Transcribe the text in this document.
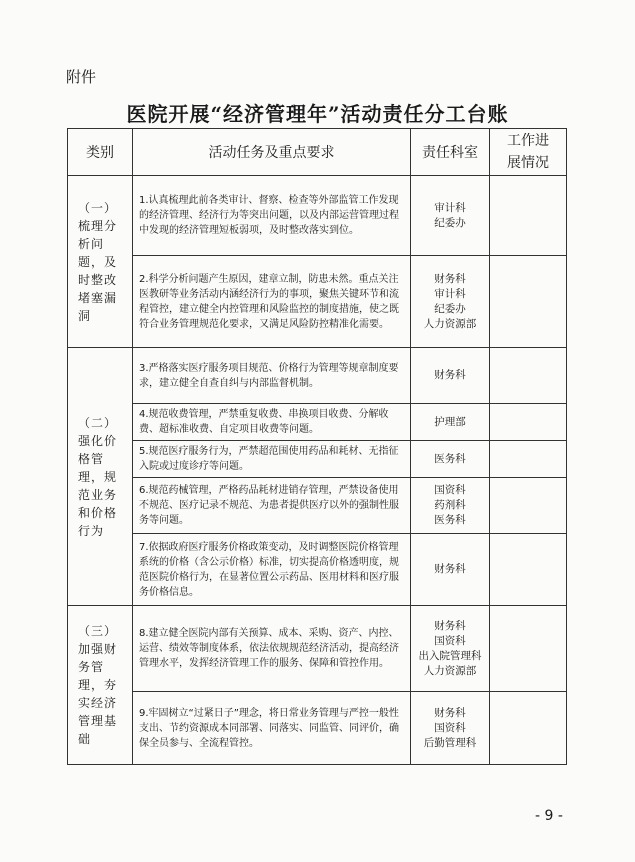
附件
医院开展“经济管理年”活动责任分工台账
类别	活动任务及重点要求	责任科室	工作进
展情况

（一）梳理分析问题，及时整改堵塞漏洞	1.认真梳理此前各类审计、督察、检查等外部监管工作发现的经济管理、经济行为等突出问题，以及内部运营管理过程中发现的经济管理短板弱项，及时整改落实到位。	审计科
纪委办	

	2.科学分析问题产生原因，建章立制，防患未然。重点关注医教研等业务活动内涵经济行为的事项，聚焦关键环节和流程管控，建立健全内控管理和风险监控的制度措施，使之既符合业务管理规范化要求，又满足风险防控精准化需要。	财务科
审计科
纪委办
人力资源部	

（二）强化价格管理，规范业务和价格行为	3.严格落实医疗服务项目规范、价格行为管理等规章制度要求，建立健全自查自纠与内部监督机制。	财务科	

	4.规范收费管理，严禁重复收费、串换项目收费、分解收费、超标准收费、自定项目收费等问题。	护理部	

	5.规范医疗服务行为，严禁超范围使用药品和耗材、无指征入院或过度诊疗等问题。	医务科	

	6.规范药械管理，严格药品耗材进销存管理，严禁设备使用不规范、医疗记录不规范、为患者提供医疗以外的强制性服务等问题。	国资科
药剂科
医务科	

	7.依据政府医疗服务价格政策变动，及时调整医院价格管理系统的价格（含公示价格）标准，切实提高价格透明度，规范医院价格行为，在显著位置公示药品、医用材料和医疗服务价格信息。	财务科	

（三）加强财务管理，夯实经济管理基础	8.建立健全医院内部有关预算、成本、采购、资产、内控、运营、绩效等制度体系，依法依规规范经济活动，提高经济管理水平，发挥经济管理工作的服务、保障和管控作用。	财务科
国资科
出入院管理科
人力资源部	

	9.牢固树立“过紧日子”理念，将日常业务管理与严控一般性支出、节约资源成本同部署、同落实、同监管、同评价，确保全员参与、全流程管控。	财务科
国资科
后勤管理科	

- 9 -
